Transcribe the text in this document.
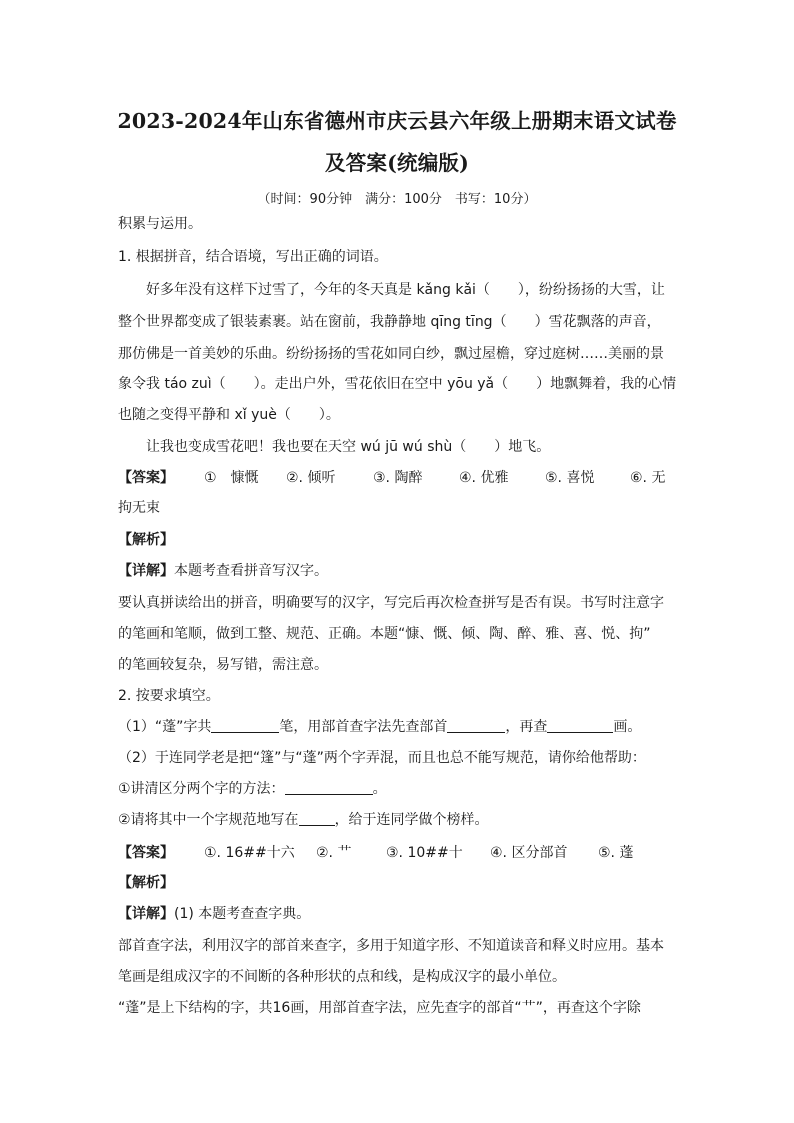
2023-2024年山东省德州市庆云县六年级上册期末语文试卷
及答案(统编版)
（时间：90分钟　满分：100分　书写：10分）
积累与运用。
1. 根据拼音，结合语境，写出正确的词语。
好多年没有这样下过雪了，今年的冬天真是 kǎng kǎi（　　），纷纷扬扬的大雪，让
整个世界都变成了银装素裹。站在窗前，我静静地 qīng tīng（　　）雪花飘落的声音，
那仿佛是一首美妙的乐曲。纷纷扬扬的雪花如同白纱，飘过屋檐，穿过庭树……美丽的景
象令我 táo zuì（　　）。走出户外，雪花依旧在空中 yōu yǎ（　　）地飘舞着，我的心情
也随之变得平静和 xǐ yuè（　　）。
让我也变成雪花吧！我也要在天空 wú jū wú shù（　　）地飞。
【答案】 ①　慷慨 ②. 倾听	③. 陶醉	④. 优雅	⑤. 喜悦	⑥. 无
拘无束
【解析】
【详解】本题考查看拼音写汉字。
要认真拼读给出的拼音，明确要写的汉字，写完后再次检查拼写是否有误。书写时注意字
的笔画和笔顺，做到工整、规范、正确。本题“慷、慨、倾、陶、醉、雅、喜、悦、拘”
的笔画较复杂，易写错，需注意。
2. 按要求填空。
（1）“蓬”字共	笔，用部首查字法先查部首	，再查	画。
（2）于连同学老是把“篷”与“蓬”两个字弄混，而且也总不能写规范，请你给他帮助：
①讲清区分两个字的方法：	。
②请将其中一个字规范地写在	，给于连同学做个榜样。
【答案】 ①. 16##十六 ②. 艹 ③. 10##十 ④. 区分部首 ⑤. 蓬
【解析】
【详解】(1) 本题考查查字典。
部首查字法，利用汉字的部首来查字，多用于知道字形、不知道读音和释义时应用。基本
笔画是组成汉字的不间断的各种形状的点和线，是构成汉字的最小单位。
“蓬”是上下结构的字，共16画，用部首查字法，应先查字的部首“艹”，再查这个字除
